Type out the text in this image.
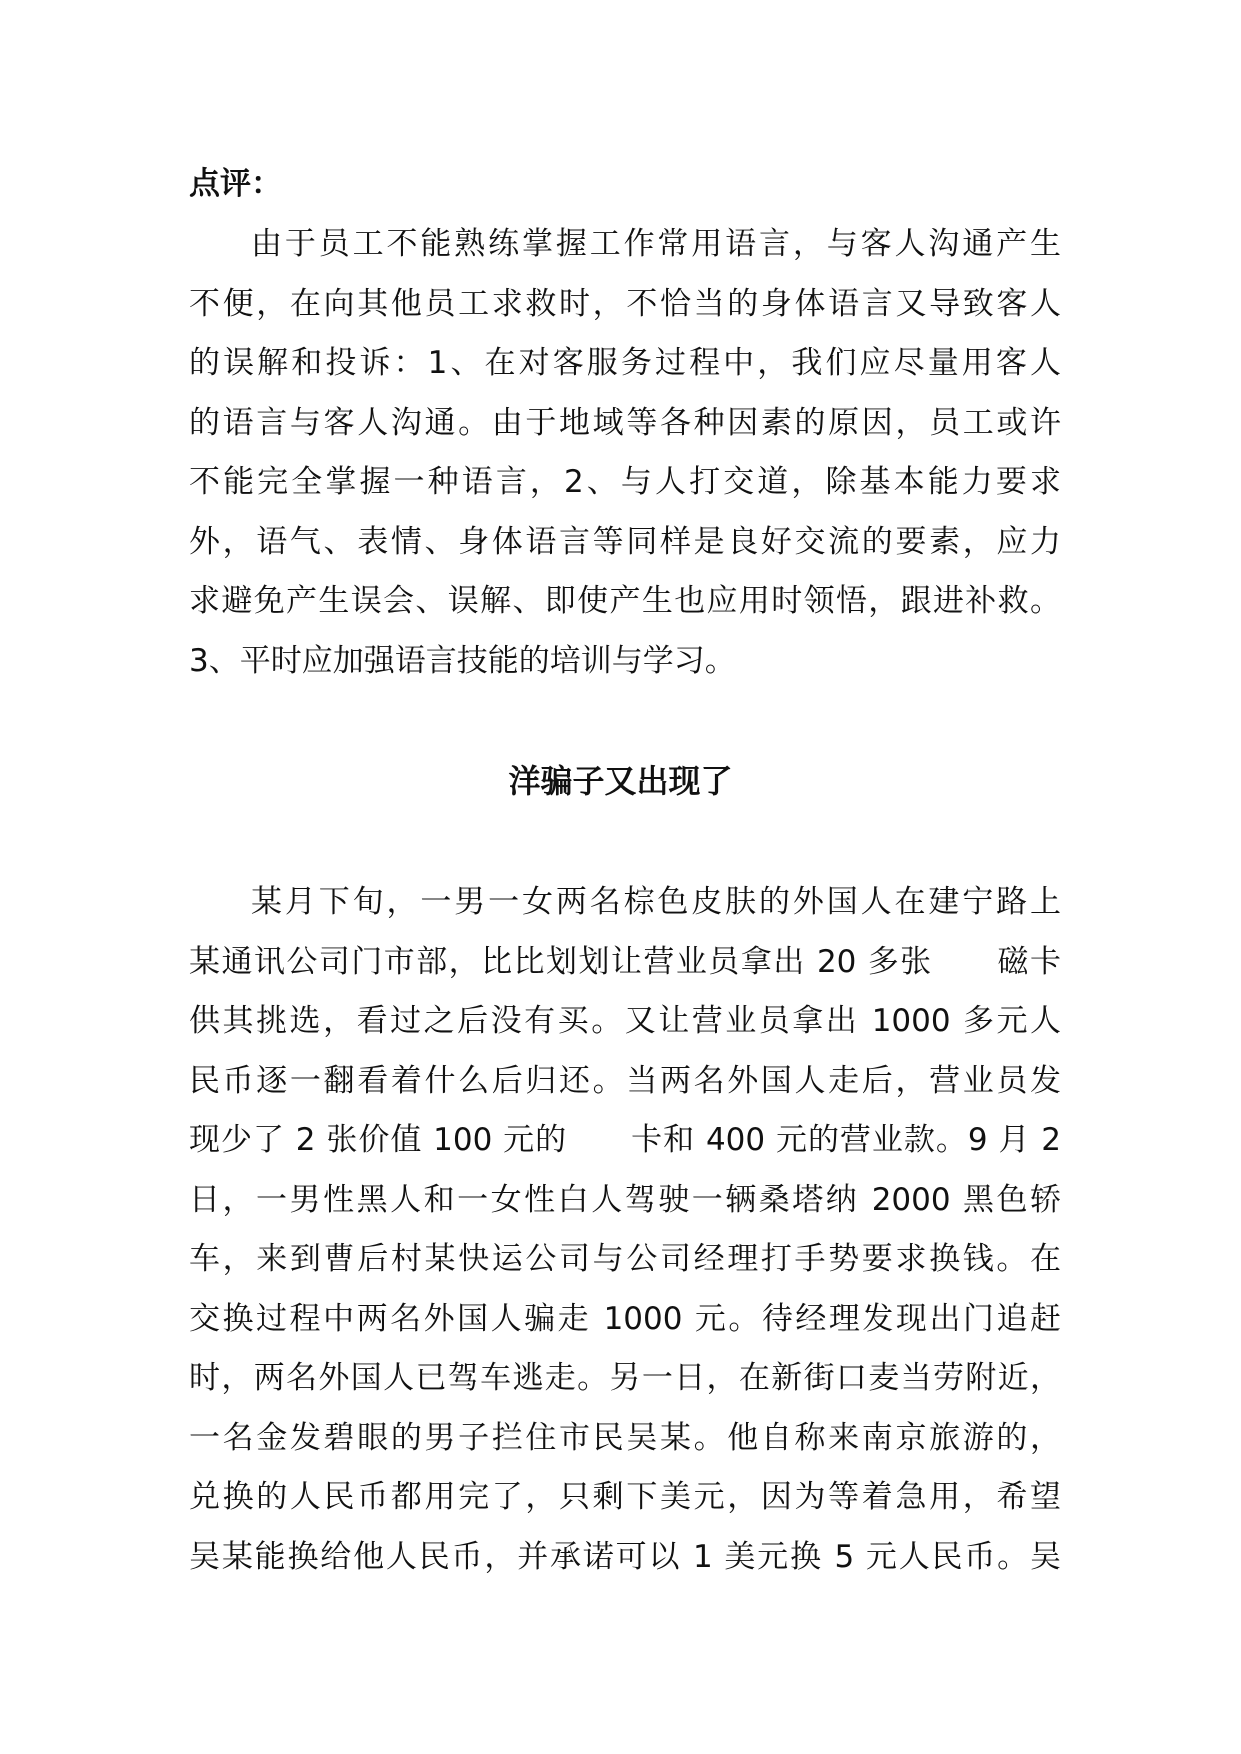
点评：
由于员工不能熟练掌握工作常用语言，与客人沟通产生
不便，在向其他员工求救时，不恰当的身体语言又导致客人
的误解和投诉：1、在对客服务过程中，我们应尽量用客人
的语言与客人沟通。由于地域等各种因素的原因，员工或许
不能完全掌握一种语言，2、与人打交道，除基本能力要求
外，语气、表情、身体语言等同样是良好交流的要素，应力
求避免产生误会、误解、即使产生也应用时领悟，跟进补救。
3、平时应加强语言技能的培训与学习。
洋骗子又出现了
某月下旬，一男一女两名棕色皮肤的外国人在建宁路上
某通讯公司门市部，比比划划让营业员拿出 20 多张　　磁卡
供其挑选，看过之后没有买。又让营业员拿出 1000 多元人
民币逐一翻看着什么后归还。当两名外国人走后，营业员发
现少了 2 张价值 100 元的　　卡和 400 元的营业款。9 月 2
日，一男性黑人和一女性白人驾驶一辆桑塔纳 2000 黑色轿
车，来到曹后村某快运公司与公司经理打手势要求换钱。在
交换过程中两名外国人骗走 1000 元。待经理发现出门追赶
时，两名外国人已驾车逃走。另一日，在新街口麦当劳附近，
一名金发碧眼的男子拦住市民吴某。他自称来南京旅游的，
兑换的人民币都用完了，只剩下美元，因为等着急用，希望
吴某能换给他人民币，并承诺可以 1 美元换 5 元人民币。吴
